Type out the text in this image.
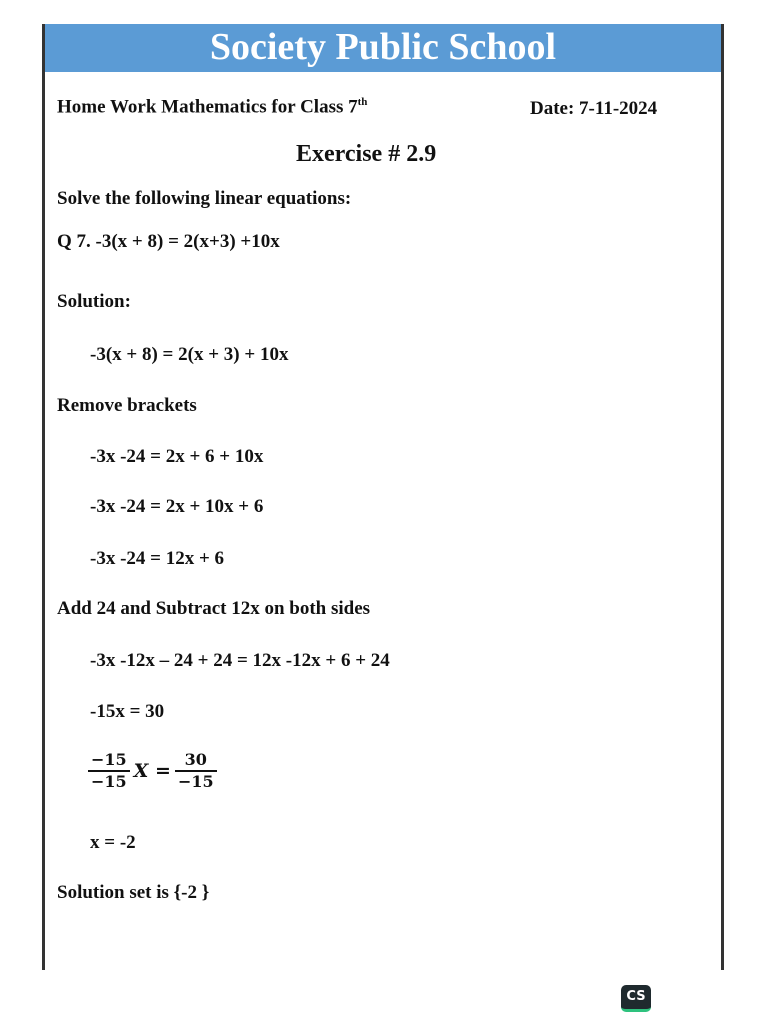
Society Public School
Home Work Mathematics for Class 7th	Date: 7-11-2024
Exercise # 2.9
Solve the following linear equations:
Q 7. -3(x + 8) = 2(x+3) +10x
Solution:
-3(x + 8) = 2(x + 3) + 10x
Remove brackets
-3x -24 = 2x + 6 + 10x
-3x -24 = 2x + 10x + 6
-3x -24 = 12x + 6
Add 24 and Subtract 12x on both sides
-3x -12x – 24 + 24 = 12x -12x + 6 + 24
-15x = 30
$\frac{-15}{-15}$ $X = \frac{30}{-15}$
x = -2
Solution set is {-2 }
CS
